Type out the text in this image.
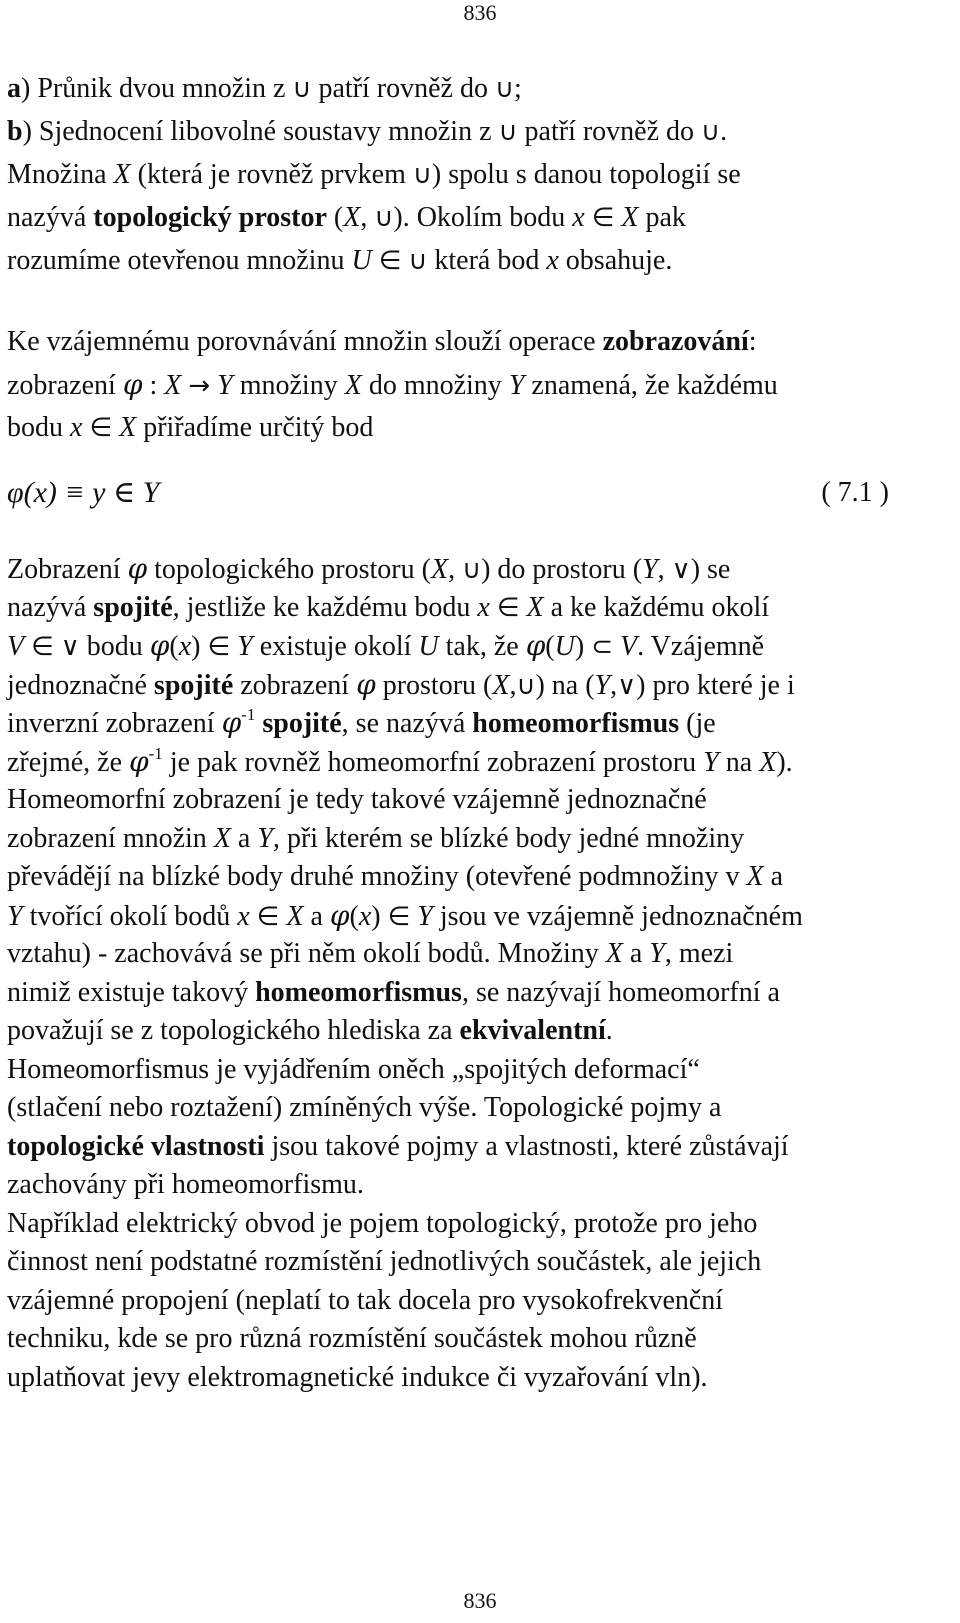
836
a) Průnik dvou množin z ∪ patří rovněž do ∪;
b) Sjednocení libovolné soustavy množin z ∪ patří rovněž do ∪.
Množina X (která je rovněž prvkem ∪) spolu s danou topologií se
nazývá topologický prostor (X, ∪). Okolím bodu x ∈ X pak
rozumíme otevřenou množinu U ∈ ∪ která bod x obsahuje.
Ke vzájemnému porovnávání množin slouží operace zobrazování:
zobrazení φ : X → Y množiny X do množiny Y znamená, že každému
bodu x ∈ X přiřadíme určitý bod
φ(x) ≡ y ∈ Y	( 7.1 )
Zobrazení φ topologického prostoru (X, ∪) do prostoru (Y, ∨) se
nazývá spojité, jestliže ke každému bodu x ∈ X a ke každému okolí
V ∈ ∨ bodu φ(x) ∈ Y existuje okolí U tak, že φ(U) ⊂ V. Vzájemně
jednoznačné spojité zobrazení φ prostoru (X,∪) na (Y,∨) pro které je i
inverzní zobrazení $\varphi^{-1}$ spojité, se nazývá homeomorfismus (je
zřejmé, že $\varphi^{-1}$ je pak rovněž homeomorfní zobrazení prostoru Y na X).
Homeomorfní zobrazení je tedy takové vzájemně jednoznačné
zobrazení množin X a Y, při kterém se blízké body jedné množiny
převádějí na blízké body druhé množiny (otevřené podmnožiny v X a
Y tvořící okolí bodů x ∈ X a φ(x) ∈ Y jsou ve vzájemně jednoznačném
vztahu) - zachovává se při něm okolí bodů. Množiny X a Y, mezi
nimiž existuje takový homeomorfismus, se nazývají homeomorfní a
považují se z topologického hlediska za ekvivalentní.
Homeomorfismus je vyjádřením oněch „spojitých deformací“
(stlačení nebo roztažení) zmíněných výše. Topologické pojmy a
topologické vlastnosti jsou takové pojmy a vlastnosti, které zůstávají
zachovány při homeomorfismu.
Například elektrický obvod je pojem topologický, protože pro jeho
činnost není podstatné rozmístění jednotlivých součástek, ale jejich
vzájemné propojení (neplatí to tak docela pro vysokofrekvenční
techniku, kde se pro různá rozmístění součástek mohou různě
uplatňovat jevy elektromagnetické indukce či vyzařování vln).
836
